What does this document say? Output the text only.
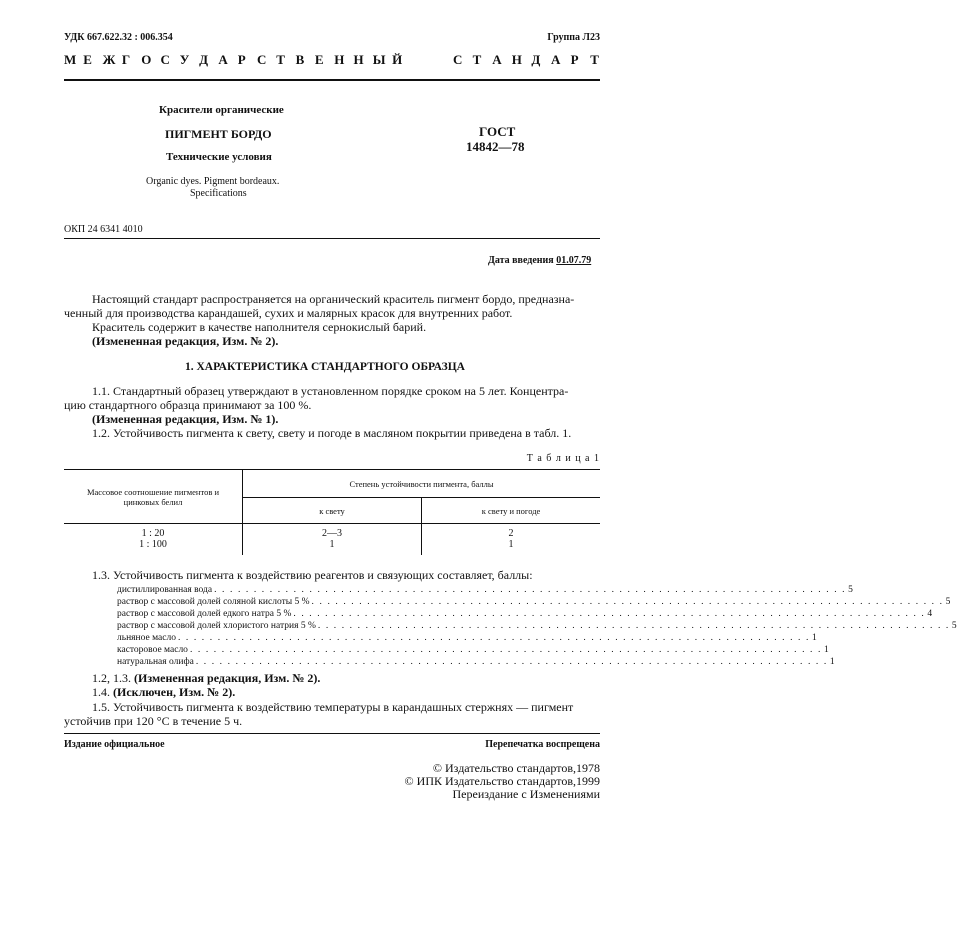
УДК 667.622.32 : 006.354	Группа Л23
М Е Ж Г О С У Д А Р С Т В Е Н Н Ы Й	С Т А Н Д А Р Т
Красители органические
ПИГМЕНТ БОРДО
Технические условия
Organic dyes. Pigment bordeaux.
Specifications
ГОСТ
14842—78
ОКП 24 6341 4010
Дата введения 01.07.79
Настоящий стандарт распространяется на органический краситель пигмент бордо, предназна-
ченный для производства карандашей, сухих и малярных красок для внутренних работ.
Краситель содержит в качестве наполнителя сернокислый барий.
(Измененная редакция, Изм. № 2).
1. ХАРАКТЕРИСТИКА СТАНДАРТНОГО ОБРАЗЦА
1.1. Стандартный образец утверждают в установленном порядке сроком на 5 лет. Концентра-
цию стандартного образца принимают за 100 %.
(Измененная редакция, Изм. № 1).
1.2. Устойчивость пигмента к свету, свету и погоде в масляном покрытии приведена в табл. 1.
Т а б л и ц а 1
Массовое соотношение пигментов и
цинковых белил	Степень устойчивости пигмента, баллы	
	к свету	к свету и погоде
1 : 20	2—3	2
1 : 100	1	1
1.3. Устойчивость пигмента к воздействию реагентов и связующих составляет, баллы:
дистиллированная вода . . . . . . . . . . . . . . . . . . . . . . . . . . . . . . . . . . . . . . . . . . . . . . . . . . . . . . . . . . . . . . . . . . . . . . . . . . . . . . . . 5
раствор с массовой долей соляной кислоты 5 % . . . . . . . . . . . . . . . . . . . . . . . . . . . . . . . . . . . . . . . . . . . . . . . . . . . . . . . . . . . . . . . . . . . . . . . . . . . . . . . . 5
раствор с массовой долей едкого натра 5 % . . . . . . . . . . . . . . . . . . . . . . . . . . . . . . . . . . . . . . . . . . . . . . . . . . . . . . . . . . . . . . . . . . . . . . . . . . . . . . . . 4
раствор с массовой долей хлористого натрия 5 % . . . . . . . . . . . . . . . . . . . . . . . . . . . . . . . . . . . . . . . . . . . . . . . . . . . . . . . . . . . . . . . . . . . . . . . . . . . . . . . . 5
льняное масло . . . . . . . . . . . . . . . . . . . . . . . . . . . . . . . . . . . . . . . . . . . . . . . . . . . . . . . . . . . . . . . . . . . . . . . . . . . . . . . . 1
касторовое масло . . . . . . . . . . . . . . . . . . . . . . . . . . . . . . . . . . . . . . . . . . . . . . . . . . . . . . . . . . . . . . . . . . . . . . . . . . . . . . . . 1
натуральная олифа . . . . . . . . . . . . . . . . . . . . . . . . . . . . . . . . . . . . . . . . . . . . . . . . . . . . . . . . . . . . . . . . . . . . . . . . . . . . . . . . 1
1.2, 1.3. (Измененная редакция, Изм. № 2).
1.4. (Исключен, Изм. № 2).
1.5. Устойчивость пигмента к воздействию температуры в карандашных стержнях — пигмент
устойчив при 120 °С в течение 5 ч.
Издание официальное	Перепечатка воспрещена
© Издательство стандартов,1978
© ИПК Издательство стандартов,1999
Переиздание с Изменениями
